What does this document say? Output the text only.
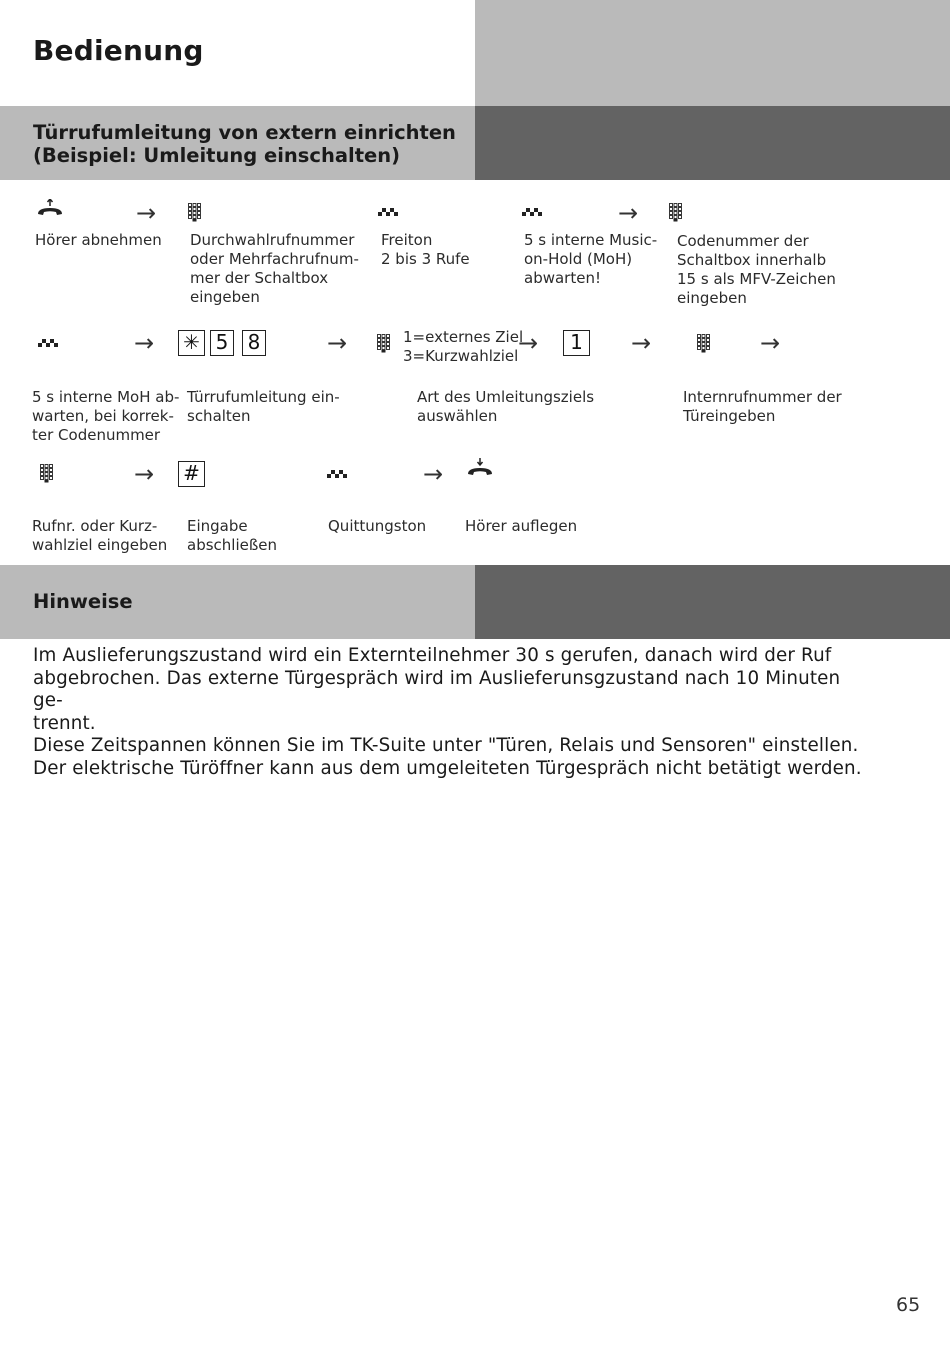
Bedienung
Türrufumleitung von extern einrichten
(Beispiel: Umleitung einschalten)
→	→
Hörer abnehmen Durchwahlrufnummer
oder Mehrfachrufnum-
mer der Schaltbox
eingeben
Freiton
2 bis 3 Rufe
5 s interne Music-
on-Hold (MoH)
abwarten!
Codenummer der
Schaltbox innerhalb
15 s als MFV-Zeichen
eingeben
→ ✳ 5 8	→	1=externes Ziel
3=Kurzwahlziel →	1 →	→
5 s interne MoH ab-
warten, bei korrek-
ter Codenummer
Türrufumleitung ein-
schalten
Art des Umleitungsziels
auswählen
Internrufnummer der
Türeingeben
→ #	→
Rufnr. oder Kurz-
wahlziel eingeben
Eingabe
abschließen
Quittungston	Hörer auflegen
Hinweise
Im Auslieferungszustand wird ein Externteilnehmer 30 s gerufen, danach wird der Ruf
abgebrochen. Das externe Türgespräch wird im Auslieferunsgzustand nach 10 Minuten ge-
trennt.
Diese Zeitspannen können Sie im TK-Suite unter "Türen, Relais und Sensoren" einstellen.
Der elektrische Türöffner kann aus dem umgeleiteten Türgespräch nicht betätigt werden.
65
